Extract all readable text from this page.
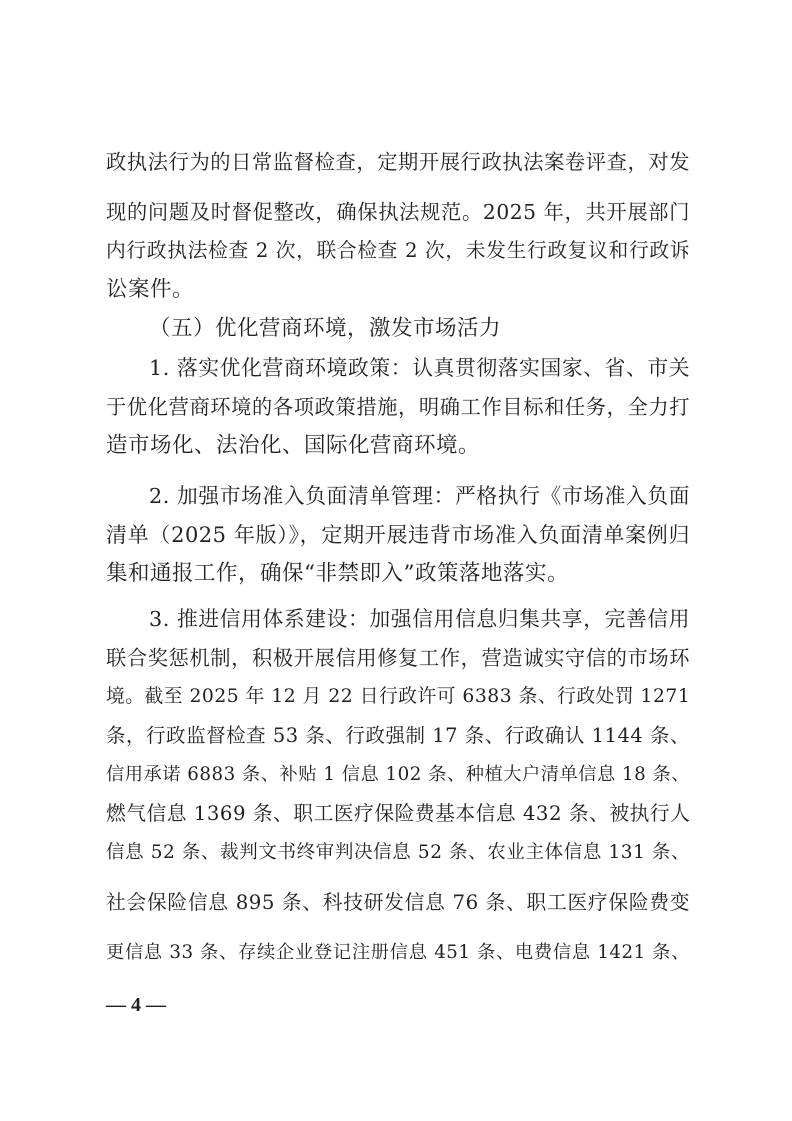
政执法行为的日常监督检查，定期开展行政执法案卷评查，对发

现的问题及时督促整改，确保执法规范。2025 年，共开展部门

内行政执法检查 2 次，联合检查 2 次，未发生行政复议和行政诉

讼案件。

（五）优化营商环境，激发市场活力

1. 落实优化营商环境政策：认真贯彻落实国家、省、市关

于优化营商环境的各项政策措施，明确工作目标和任务，全力打

造市场化、法治化、国际化营商环境。

2. 加强市场准入负面清单管理：严格执行《市场准入负面

清单（2025 年版）》，定期开展违背市场准入负面清单案例归

集和通报工作，确保“非禁即入”政策落地落实。

3. 推进信用体系建设：加强信用信息归集共享，完善信用

联合奖惩机制，积极开展信用修复工作，营造诚实守信的市场环

境。截至 2025 年 12 月 22 日行政许可 6383 条、行政处罚 1271

条，行政监督检查 53 条、行政强制 17 条、行政确认 1144 条、

信用承诺 6883 条、补贴 1 信息 102 条、种植大户清单信息 18 条、

燃气信息 1369 条、职工医疗保险费基本信息 432 条、被执行人

信息 52 条、裁判文书终审判决信息 52 条、农业主体信息 131 条、

社会保险信息 895 条、科技研发信息 76 条、职工医疗保险费变

更信息 33 条、存续企业登记注册信息 451 条、电费信息 1421 条、

— 4 —
